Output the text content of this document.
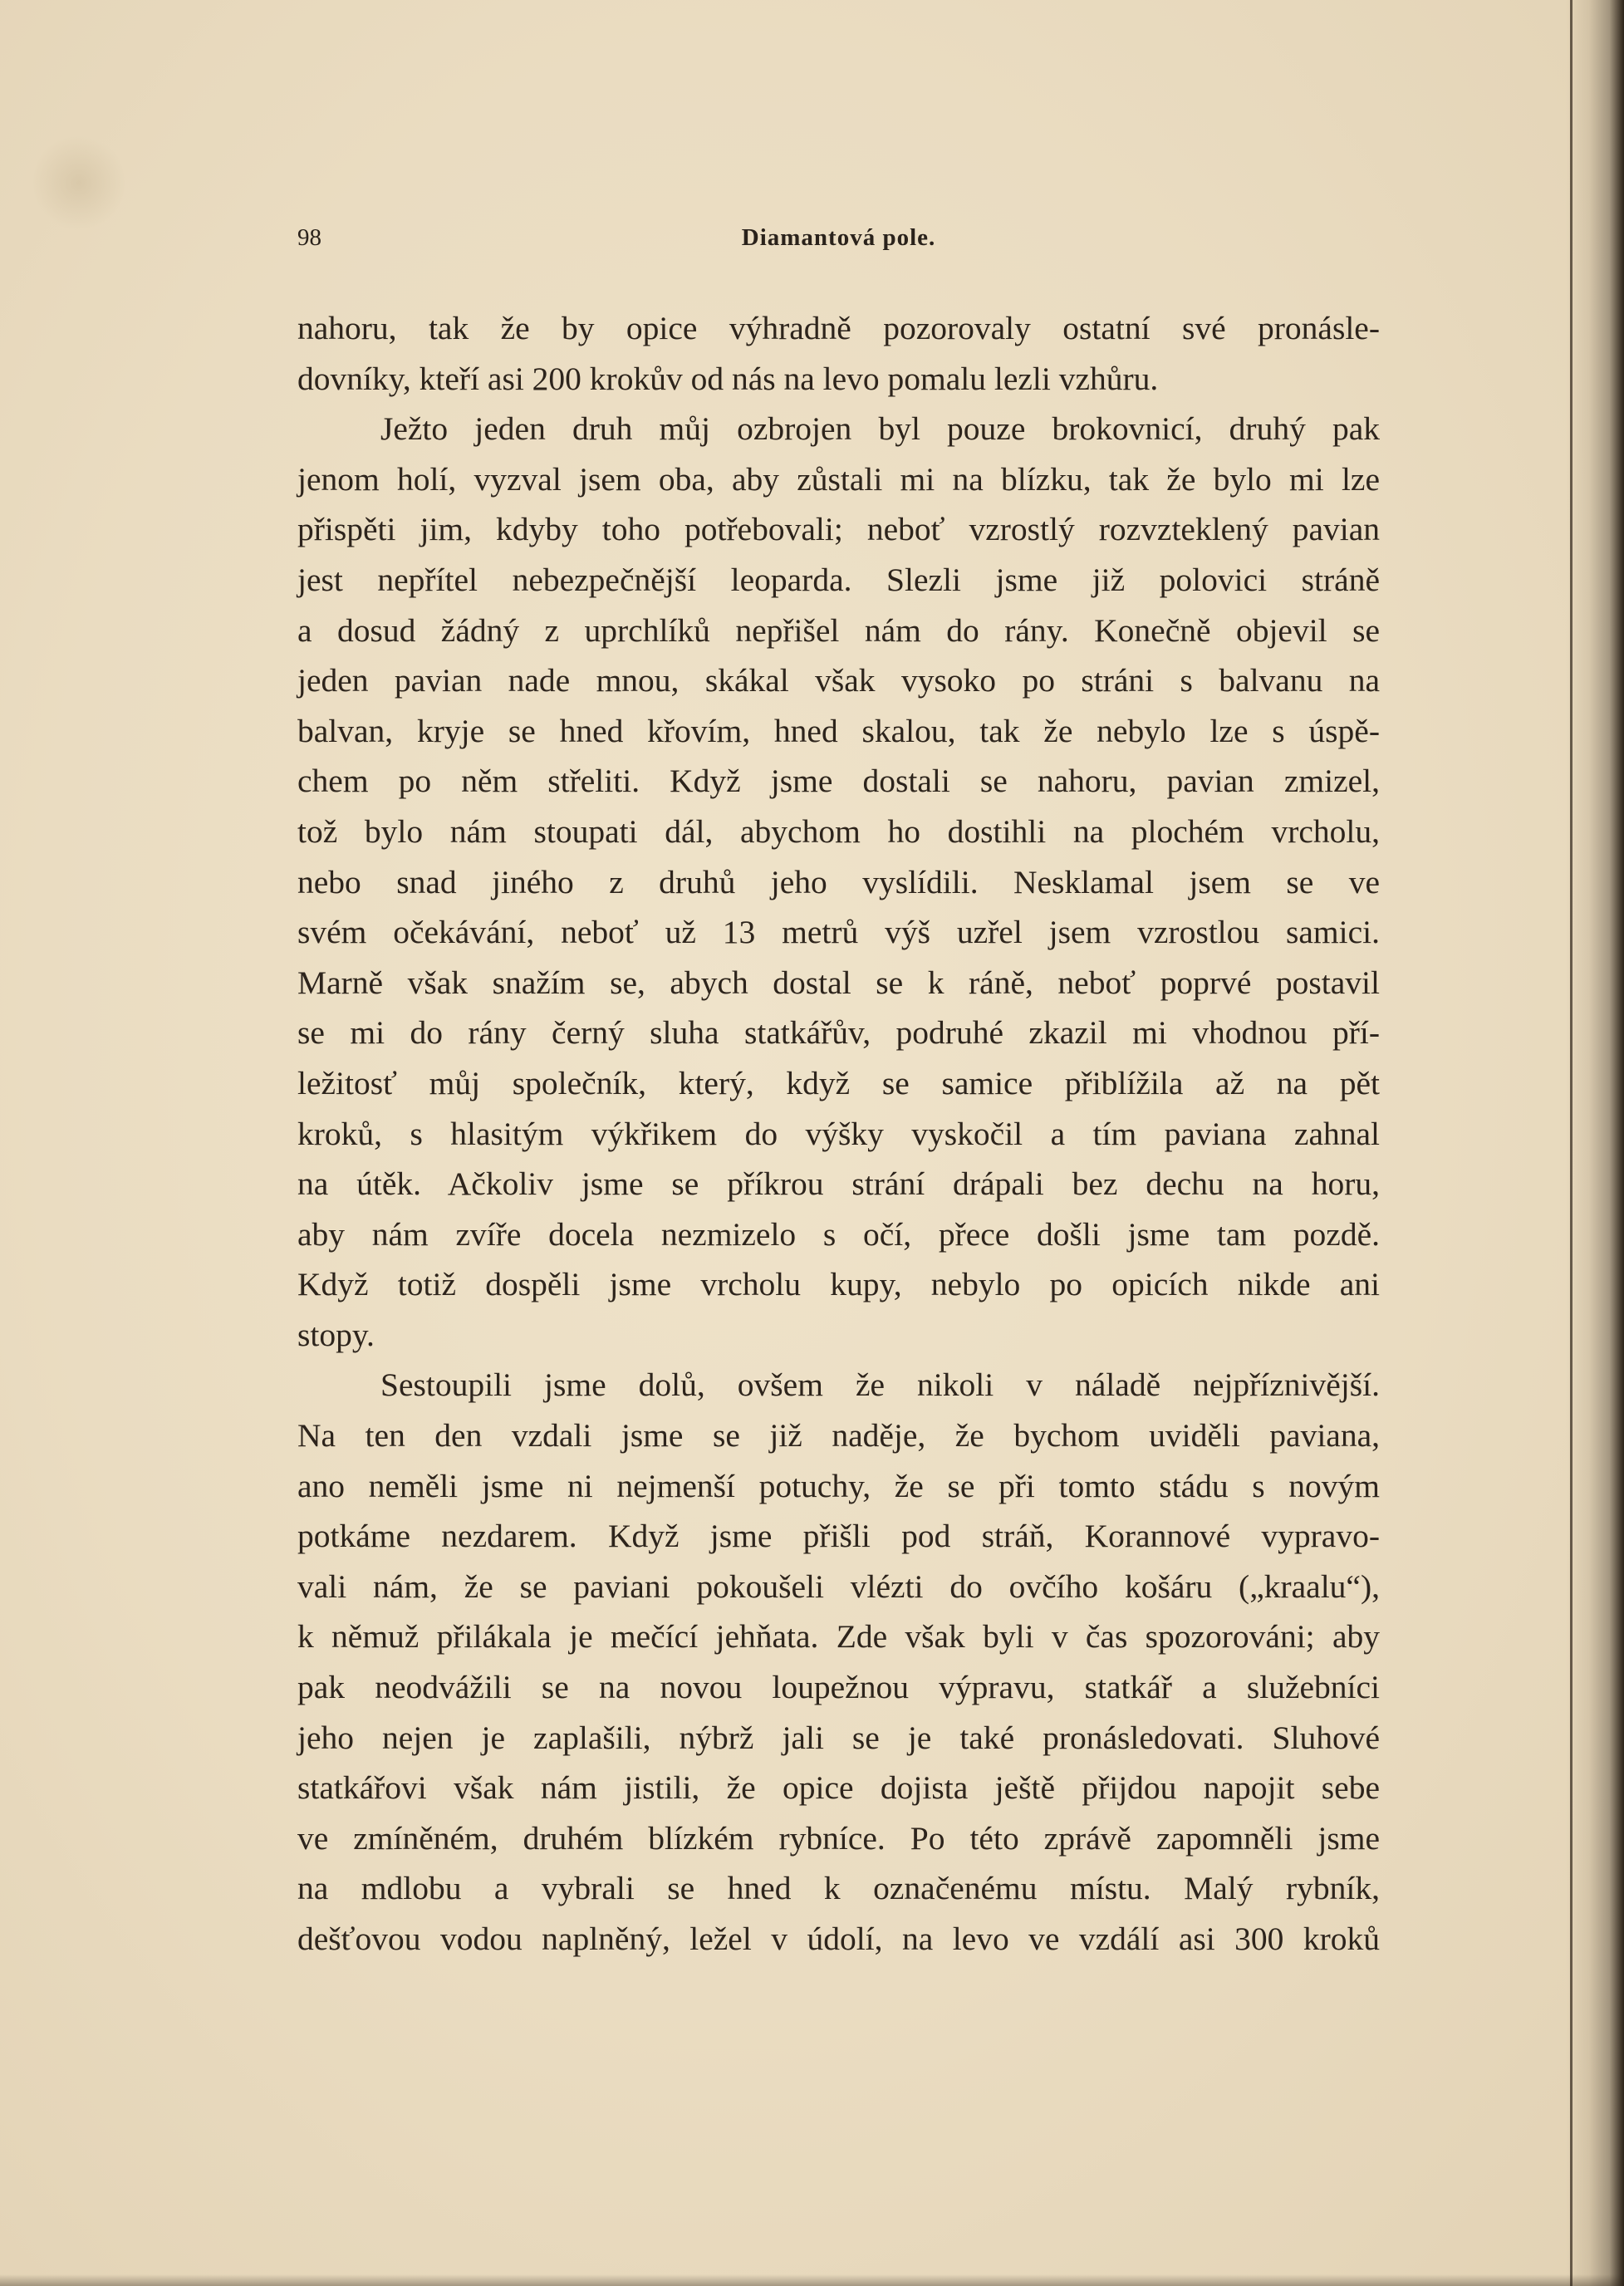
98	Diamantová pole.

nahoru, tak že by opice výhradně pozorovaly ostatní své pronásle-

dovníky, kteří asi 200 krokův od nás na levo pomalu lezli vzhůru.

Ježto jeden druh můj ozbrojen byl pouze brokovnicí, druhý pak

jenom holí, vyzval jsem oba, aby zůstali mi na blízku, tak že bylo mi lze

přispěti jim, kdyby toho potřebovali; neboť vzrostlý rozvzteklený pavian

jest nepřítel nebezpečnější leoparda. Slezli jsme již polovici stráně

a dosud žádný z uprchlíků nepřišel nám do rány. Konečně objevil se

jeden pavian nade mnou, skákal však vysoko po stráni s balvanu na

balvan, kryje se hned křovím, hned skalou, tak že nebylo lze s úspě-

chem po něm střeliti. Když jsme dostali se nahoru, pavian zmizel,

tož bylo nám stoupati dál, abychom ho dostihli na plochém vrcholu,

nebo snad jiného z druhů jeho vyslídili. Nesklamal jsem se ve

svém očekávání, neboť už 13 metrů výš uzřel jsem vzrostlou samici.

Marně však snažím se, abych dostal se k ráně, neboť poprvé postavil

se mi do rány černý sluha statkářův, podruhé zkazil mi vhodnou pří-

ležitosť můj společník, který, když se samice přiblížila až na pět

kroků, s hlasitým výkřikem do výšky vyskočil a tím paviana zahnal

na útěk. Ačkoliv jsme se příkrou strání drápali bez dechu na horu,

aby nám zvíře docela nezmizelo s očí, přece došli jsme tam pozdě.

Když totiž dospěli jsme vrcholu kupy, nebylo po opicích nikde ani

stopy.

Sestoupili jsme dolů, ovšem že nikoli v náladě nejpříznivější.

Na ten den vzdali jsme se již naděje, že bychom uviděli paviana,

ano neměli jsme ni nejmenší potuchy, že se při tomto stádu s novým

potkáme nezdarem. Když jsme přišli pod stráň, Korannové vypravo-

vali nám, že se paviani pokoušeli vlézti do ovčího košáru („kraalu“),

k němuž přilákala je mečící jehňata. Zde však byli v čas spozorováni; aby

pak neodvážili se na novou loupežnou výpravu, statkář a služebníci

jeho nejen je zaplašili, nýbrž jali se je také pronásledovati. Sluhové

statkářovi však nám jistili, že opice dojista ještě přijdou napojit sebe

ve zmíněném, druhém blízkém rybníce. Po této zprávě zapomněli jsme

na mdlobu a vybrali se hned k označenému místu. Malý rybník,

dešťovou vodou naplněný, ležel v údolí, na levo ve vzdálí asi 300 kroků
